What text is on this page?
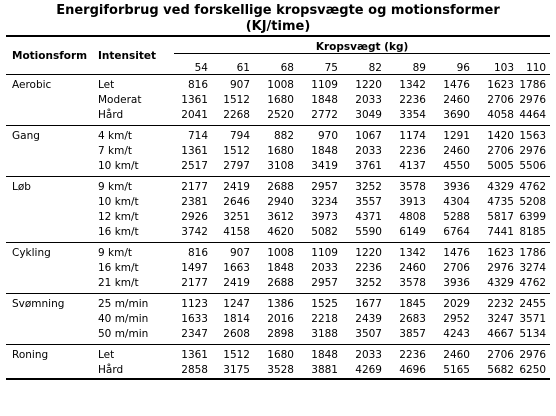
Energiforbrug ved forskellige kropsvægte og motionsformer
(KJ/time)
Motionsform	Intensitet	Kropsvægt (kg)								

		54	61	68	75	82	89	96	103	110
Aerobic	Let	816	907	1008	1109	1220	1342	1476	1623	1786
	Moderat	1361	1512	1680	1848	2033	2236	2460	2706	2976
	Hård	2041	2268	2520	2772	3049	3354	3690	4058	4464
Gang	4 km/t	714	794	882	970	1067	1174	1291	1420	1563
	7 km/t	1361	1512	1680	1848	2033	2236	2460	2706	2976
	10 km/t	2517	2797	3108	3419	3761	4137	4550	5005	5506
Løb	9 km/t	2177	2419	2688	2957	3252	3578	3936	4329	4762
	10 km/t	2381	2646	2940	3234	3557	3913	4304	4735	5208
	12 km/t	2926	3251	3612	3973	4371	4808	5288	5817	6399
	16 km/t	3742	4158	4620	5082	5590	6149	6764	7441	8185
Cykling	9 km/t	816	907	1008	1109	1220	1342	1476	1623	1786
	16 km/t	1497	1663	1848	2033	2236	2460	2706	2976	3274
	21 km/t	2177	2419	2688	2957	3252	3578	3936	4329	4762
Svømning	25 m/min	1123	1247	1386	1525	1677	1845	2029	2232	2455
	40 m/min	1633	1814	2016	2218	2439	2683	2952	3247	3571
	50 m/min	2347	2608	2898	3188	3507	3857	4243	4667	5134
Roning	Let	1361	1512	1680	1848	2033	2236	2460	2706	2976
	Hård	2858	3175	3528	3881	4269	4696	5165	5682	6250
